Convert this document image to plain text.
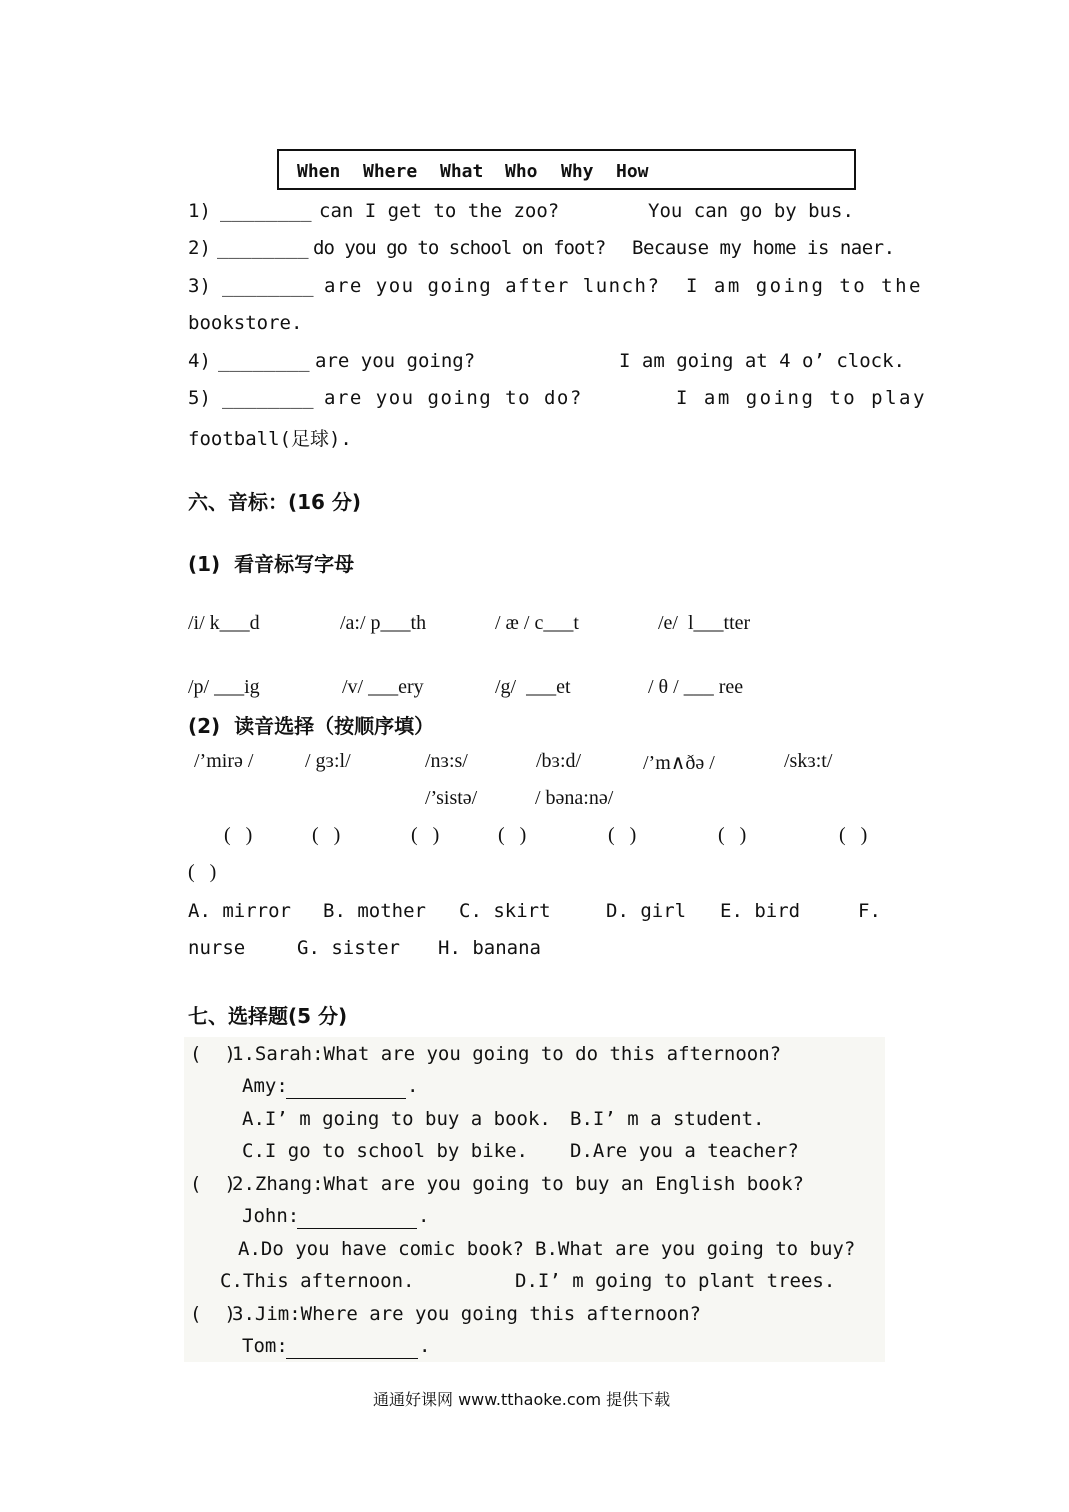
When Where What Who Why How
1) ________ can I get to the zoo?	You can go by bus.
2) ________ do you go to school on foot? Because my home is naer.
3) ________ are you going after lunch? I am going to the
bookstore.
4) ________ are you going?	I am going at 4 o’ clock.
5) ________ are you going to do?	I am going to play
football(足球).
六、音标：(16 分)
(1)  看音标写字母
/i/ k___d	/a:/ p___th	/ æ / c___t	/e/  l___tter
/p/ ___ig	/v/ ___ery	/g/  ___et	/ θ / ___ ree
(2)  读音选择（按顺序填）
/’mirə /	/ gɜ:l/	/nɜ:s/	/bɜ:d/	/’m∧ðə /	/skɜ:t/
/’sistə/	/ bəna:nə/
(   )	(   )	(   )	(   )	(   )	(   )	(   )
(   )
A. mirror B. mother C. skirt	D. girl E. bird	F.
nurse	G. sister H. banana
七、选择题(5 分)
(  )
1.Sarah:What are you going to do this afternoon?
Amy:	.
A.I’ m going to buy a book. B.I’ m a student.
C.I go to school by bike. D.Are you a teacher?
(  )
2.Zhang:What are you going to buy an English book?
John:	.
A.Do you have comic book? B.What are you going to buy?
C.This afternoon.	D.I’ m going to plant trees.
(  )
3.Jim:Where are you going this afternoon?
Tom:	.
通通好课网 www.tthaoke.com 提供下载
